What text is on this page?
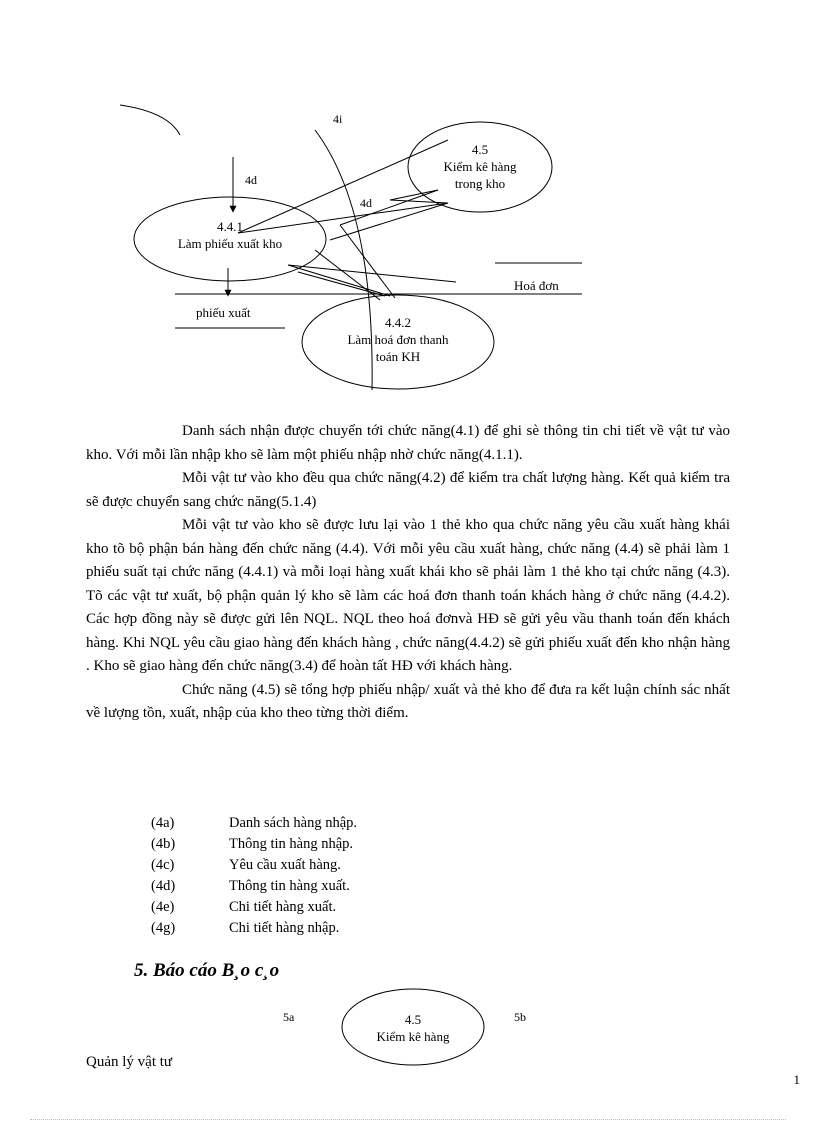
4i
4d
4d
4.4.1
Làm phiếu xuất kho
4.5
Kiểm kê hàng
trong kho
4.4.2
Làm hoá đơn thanh
toán KH
Hoá đơn
phiếu xuất

Danh sách nhận được chuyển tới chức năng(4.1) để ghi sè thông tin chi tiết về vật tư vào kho. Với mỗi lần nhập kho sẽ làm một phiếu nhập nhờ chức năng(4.1.1).

Mỗi vật tư vào kho đều qua chức năng(4.2) để kiểm tra chất lượng hàng. Kết quả kiểm tra sẽ được chuyển sang chức năng(5.1.4)

Mỗi vật tư vào kho sẽ được lưu lại vào 1 thẻ kho qua chức năng yêu cầu xuất hàng khái kho tõ bộ phận bán hàng đến chức năng (4.4). Với mỗi yêu cầu xuất hàng, chức năng (4.4) sẽ phải làm 1 phiếu suất tại chức năng (4.4.1) và mỗi loại hàng xuất khái kho sẽ phải làm 1 thẻ kho tại chức năng (4.3). Tõ các vật tư xuất, bộ phận quản lý kho sẽ làm các hoá đơn thanh toán khách hàng ở chức năng (4.4.2). Các hợp đồng này sẽ được gửi lên NQL. NQL theo hoá đơnvà HĐ sẽ gửi yêu vầu thanh toán đến khách hàng. Khi NQL yêu cầu giao hàng đến khách hàng , chức năng(4.4.2) sẽ gửi phiếu xuất đến kho nhận hàng . Kho sẽ giao hàng đến chức năng(3.4) để hoàn tất HĐ với khách hàng.

Chức năng (4.5) sẽ tổng hợp phiếu nhập/ xuất và thẻ kho để đưa ra kết luận chính sác nhất về lượng tồn, xuất, nhập của kho theo từng thời điểm.

(4a)	Danh sách hàng nhập.
(4b)	Thông tin hàng nhập.
(4c)	Yêu cầu xuất hàng.
(4d)	Thông tin hàng xuất.
(4e)	Chi tiết hàng xuất.
(4g)	Chi tiết hàng nhập.
5. Báo cáo B¸o c¸o
5a	5b
4.5
Kiểm kê hàng
Quản lý vật tư
1
